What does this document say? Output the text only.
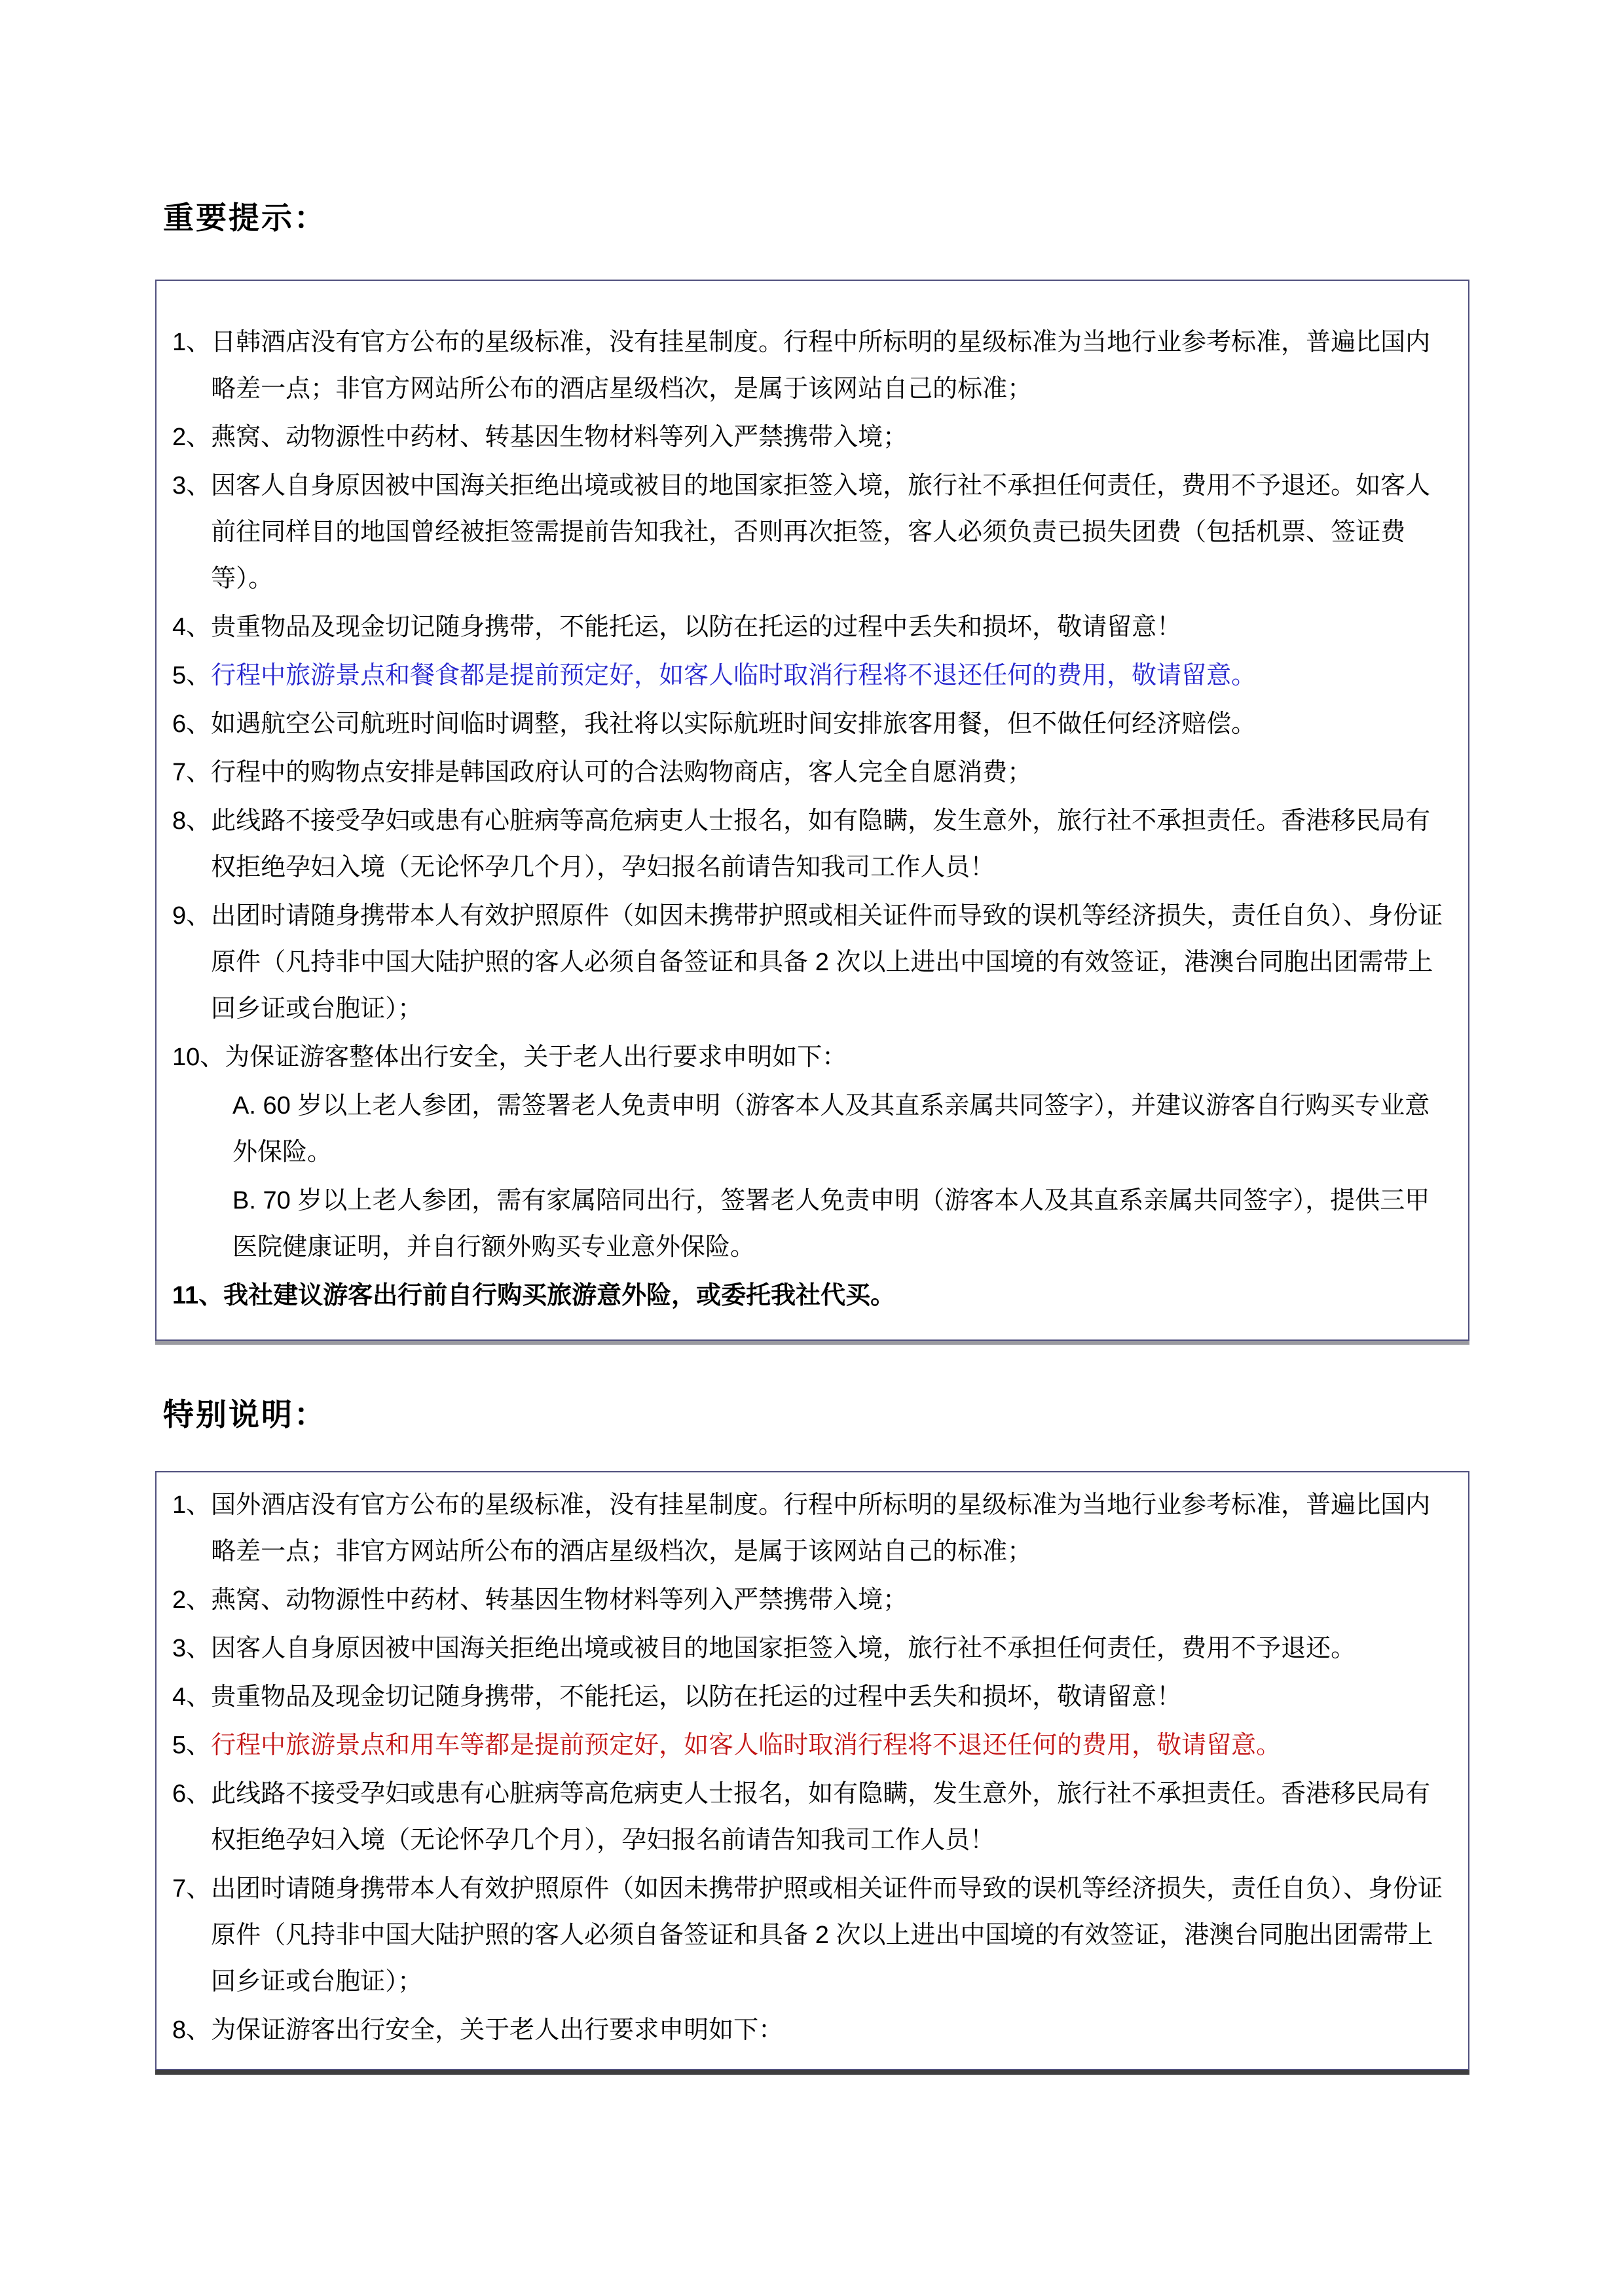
重要提示：
1、 日韩酒店没有官方公布的星级标准，没有挂星制度。行程中所标明的星级标准为当地行业参考标准，普遍比国内略差一点；非官方网站所公布的酒店星级档次，是属于该网站自己的标准；
2、 燕窝、动物源性中药材、转基因生物材料等列入严禁携带入境；
3、 因客人自身原因被中国海关拒绝出境或被目的地国家拒签入境，旅行社不承担任何责任，费用不予退还。如客人前往同样目的地国曾经被拒签需提前告知我社，否则再次拒签，客人必须负责已损失团费（包括机票、签证费等）。
4、 贵重物品及现金切记随身携带，不能托运，以防在托运的过程中丢失和损坏，敬请留意！
5、 行程中旅游景点和餐食都是提前预定好，如客人临时取消行程将不退还任何的费用，敬请留意。
6、 如遇航空公司航班时间临时调整，我社将以实际航班时间安排旅客用餐，但不做任何经济赔偿。
7、 行程中的购物点安排是韩国政府认可的合法购物商店，客人完全自愿消费；
8、 此线路不接受孕妇或患有心脏病等高危病吏人士报名，如有隐瞒，发生意外，旅行社不承担责任。香港移民局有权拒绝孕妇入境（无论怀孕几个月），孕妇报名前请告知我司工作人员！
9、 出团时请随身携带本人有效护照原件（如因未携带护照或相关证件而导致的误机等经济损失，责任自负）、身份证原件（凡持非中国大陆护照的客人必须自备签证和具备 2 次以上进出中国境的有效签证，港澳台同胞出团需带上回乡证或台胞证）；
10、 为保证游客整体出行安全，关于老人出行要求申明如下：
A. 60 岁以上老人参团，需签署老人免责申明（游客本人及其直系亲属共同签字），并建议游客自行购买专业意外保险。
B. 70 岁以上老人参团，需有家属陪同出行，签署老人免责申明（游客本人及其直系亲属共同签字），提供三甲医院健康证明，并自行额外购买专业意外保险。
11、 我社建议游客出行前自行购买旅游意外险，或委托我社代买。
特别说明：
1、 国外酒店没有官方公布的星级标准，没有挂星制度。行程中所标明的星级标准为当地行业参考标准，普遍比国内略差一点；非官方网站所公布的酒店星级档次，是属于该网站自己的标准；
2、 燕窝、动物源性中药材、转基因生物材料等列入严禁携带入境；
3、 因客人自身原因被中国海关拒绝出境或被目的地国家拒签入境，旅行社不承担任何责任，费用不予退还。
4、 贵重物品及现金切记随身携带，不能托运，以防在托运的过程中丢失和损坏，敬请留意！
5、 行程中旅游景点和用车等都是提前预定好，如客人临时取消行程将不退还任何的费用，敬请留意。
6、 此线路不接受孕妇或患有心脏病等高危病吏人士报名，如有隐瞒，发生意外，旅行社不承担责任。香港移民局有权拒绝孕妇入境（无论怀孕几个月），孕妇报名前请告知我司工作人员！
7、 出团时请随身携带本人有效护照原件（如因未携带护照或相关证件而导致的误机等经济损失，责任自负）、身份证原件（凡持非中国大陆护照的客人必须自备签证和具备 2 次以上进出中国境的有效签证，港澳台同胞出团需带上回乡证或台胞证）；
8、 为保证游客出行安全，关于老人出行要求申明如下：
